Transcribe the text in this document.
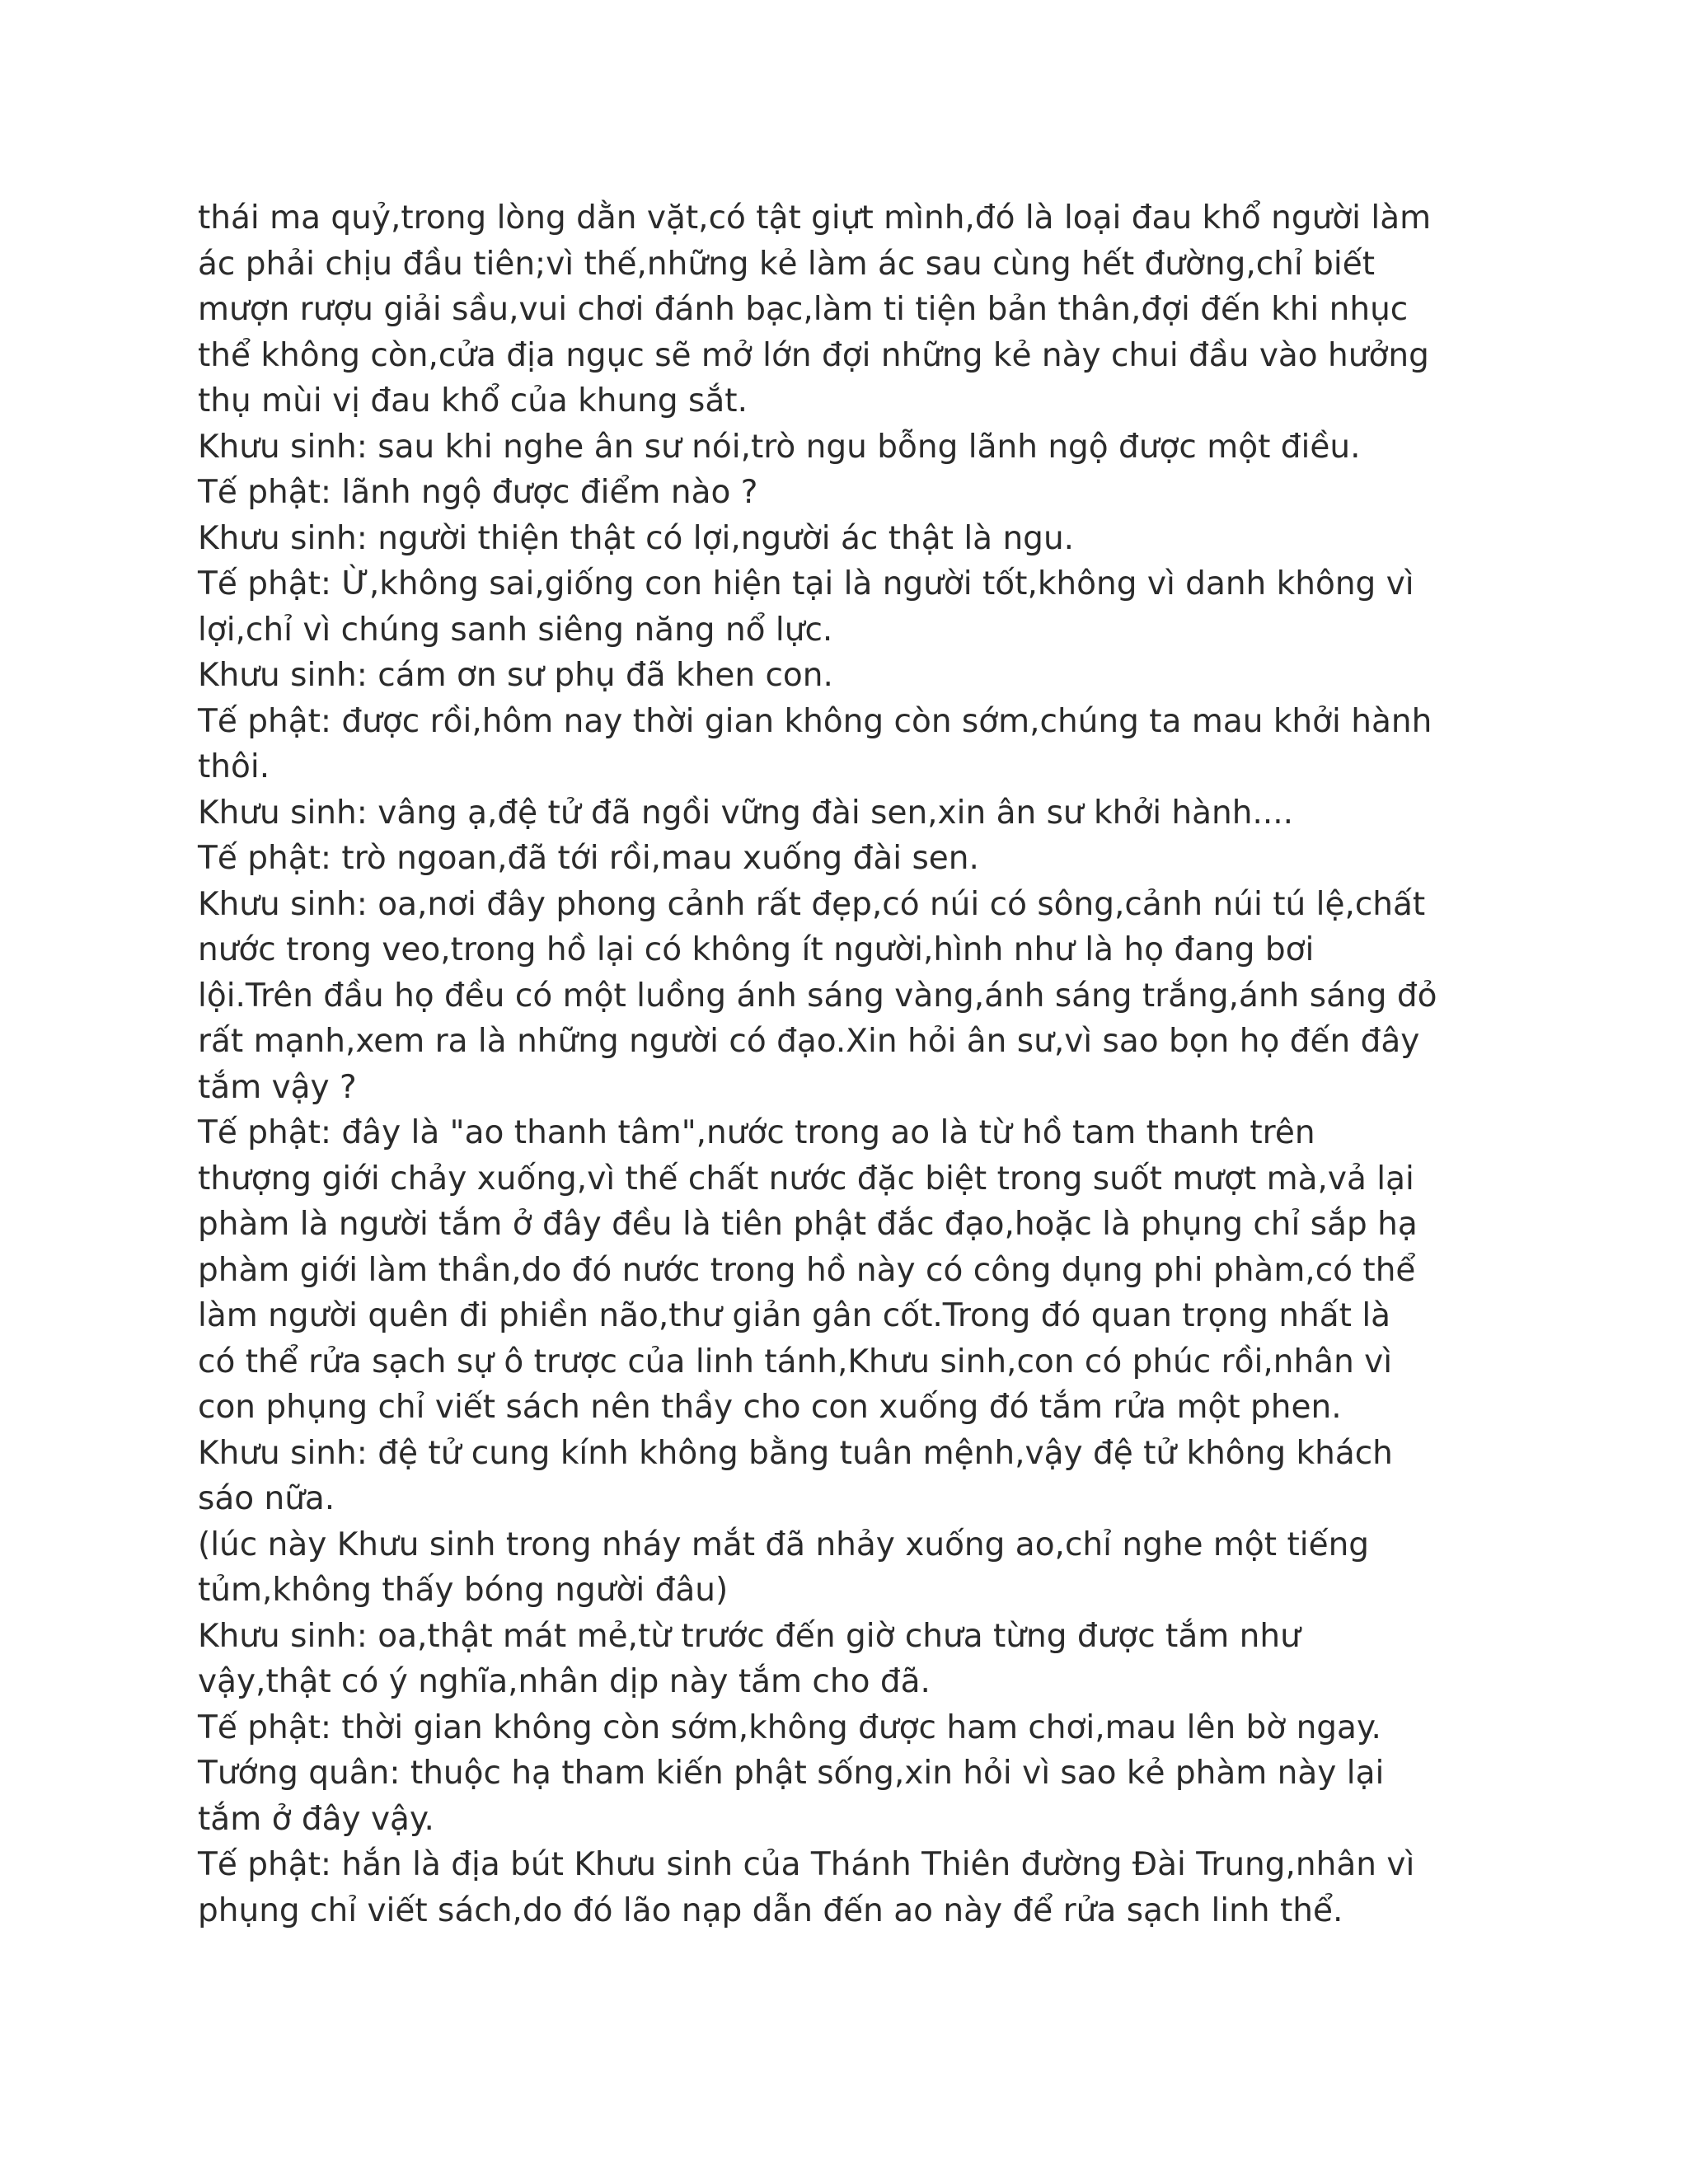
thái ma quỷ,trong lòng dằn vặt,có tật giựt mình,đó là loại đau khổ người làm
ác phải chịu đầu tiên;vì thế,những kẻ làm ác sau cùng hết đường,chỉ biết
mượn rượu giải sầu,vui chơi đánh bạc,làm ti tiện bản thân,đợi đến khi nhục
thể không còn,cửa địa ngục sẽ mở lớn đợi những kẻ này chui đầu vào hưởng
thụ mùi vị đau khổ của khung sắt.
Khưu sinh: sau khi nghe ân sư nói,trò ngu bỗng lãnh ngộ được một điều.
Tế phật: lãnh ngộ được điểm nào ?
Khưu sinh: người thiện thật có lợi,người ác thật là ngu.
Tế phật: Ừ,không sai,giống con hiện tại là người tốt,không vì danh không vì
lợi,chỉ vì chúng sanh siêng năng nổ lực.
Khưu sinh: cám ơn sư phụ đã khen con.
Tế phật: được rồi,hôm nay thời gian không còn sớm,chúng ta mau khởi hành
thôi.
Khưu sinh: vâng ạ,đệ tử đã ngồi vững đài sen,xin ân sư khởi hành....
Tế phật: trò ngoan,đã tới rồi,mau xuống đài sen.
Khưu sinh: oa,nơi đây phong cảnh rất đẹp,có núi có sông,cảnh núi tú lệ,chất
nước trong veo,trong hồ lại có không ít người,hình như là họ đang bơi
lội.Trên đầu họ đều có một luồng ánh sáng vàng,ánh sáng trắng,ánh sáng đỏ
rất mạnh,xem ra là những người có đạo.Xin hỏi ân sư,vì sao bọn họ đến đây
tắm vậy ?
Tế phật: đây là "ao thanh tâm",nước trong ao là từ hồ tam thanh trên
thượng giới chảy xuống,vì thế chất nước đặc biệt trong suốt mượt mà,vả lại
phàm là người tắm ở đây đều là tiên phật đắc đạo,hoặc là phụng chỉ sắp hạ
phàm giới làm thần,do đó nước trong hồ này có công dụng phi phàm,có thể
làm người quên đi phiền não,thư giản gân cốt.Trong đó quan trọng nhất là
có thể rửa sạch sự ô trược của linh tánh,Khưu sinh,con có phúc rồi,nhân vì
con phụng chỉ viết sách nên thầy cho con xuống đó tắm rửa một phen.
Khưu sinh: đệ tử cung kính không bằng tuân mệnh,vậy đệ tử không khách
sáo nữa.
(lúc này Khưu sinh trong nháy mắt đã nhảy xuống ao,chỉ nghe một tiếng
tủm,không thấy bóng người đâu)
Khưu sinh: oa,thật mát mẻ,từ trước đến giờ chưa từng được tắm như
vậy,thật có ý nghĩa,nhân dịp này tắm cho đã.
Tế phật: thời gian không còn sớm,không được ham chơi,mau lên bờ ngay.
Tướng quân: thuộc hạ tham kiến phật sống,xin hỏi vì sao kẻ phàm này lại
tắm ở đây vậy.
Tế phật: hắn là địa bút Khưu sinh của Thánh Thiên đường Đài Trung,nhân vì
phụng chỉ viết sách,do đó lão nạp dẫn đến ao này để rửa sạch linh thể.
